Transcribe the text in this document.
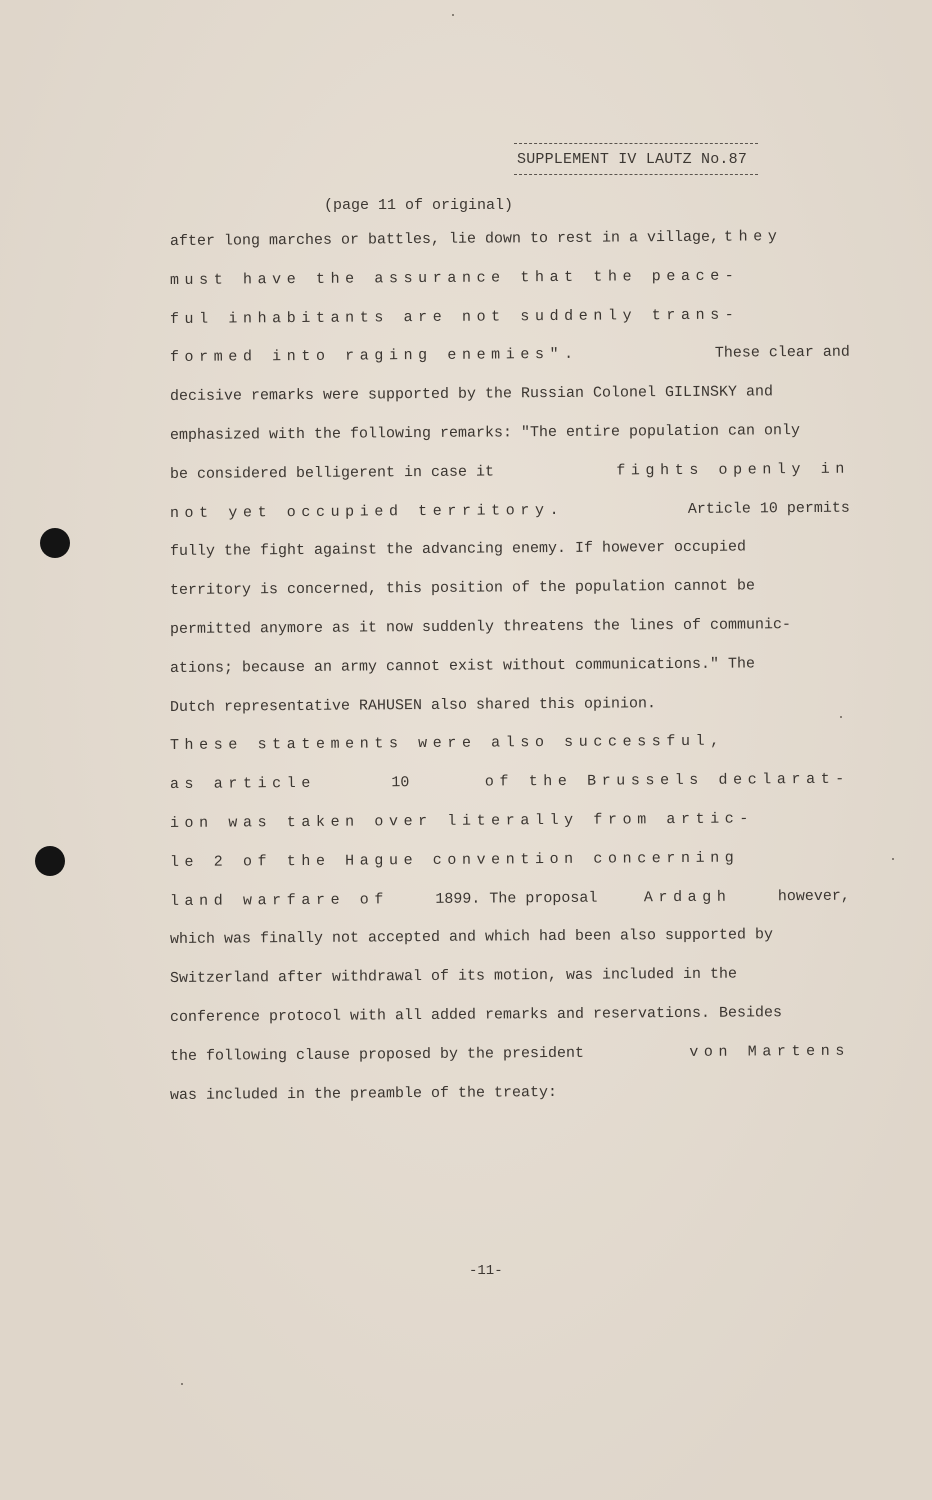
SUPPLEMENT IV LAUTZ No.87
(page 11 of original)
after long marches or battles, lie down to rest in a village, they
must have the assurance that the peace-
ful inhabitants are not suddenly trans-
formed into raging enemies".	These clear and
decisive remarks were supported by the Russian Colonel GILINSKY and
emphasized with the following remarks: "The entire population can only
be considered belligerent in case it	fights openly in
not yet occupied territory.	Article 10 permits
fully the fight against the advancing enemy. If however occupied
territory is concerned, this position of the population cannot be
permitted anymore as it now suddenly threatens the lines of communic-
ations; because an army cannot exist without communications." The
Dutch representative RAHUSEN also shared this opinion.
These statements were also successful,
as article	10	of the Brussels declarat-
ion was taken over literally from artic-
le 2 of the Hague convention concerning
land warfare of	1899. The proposal	Ardagh	however,
which was finally not accepted and which had been also supported by
Switzerland after withdrawal of its motion, was included in the
conference protocol with all added remarks and reservations. Besides
the following clause proposed by the president	von Martens
was included in the preamble of the treaty:
-11-
